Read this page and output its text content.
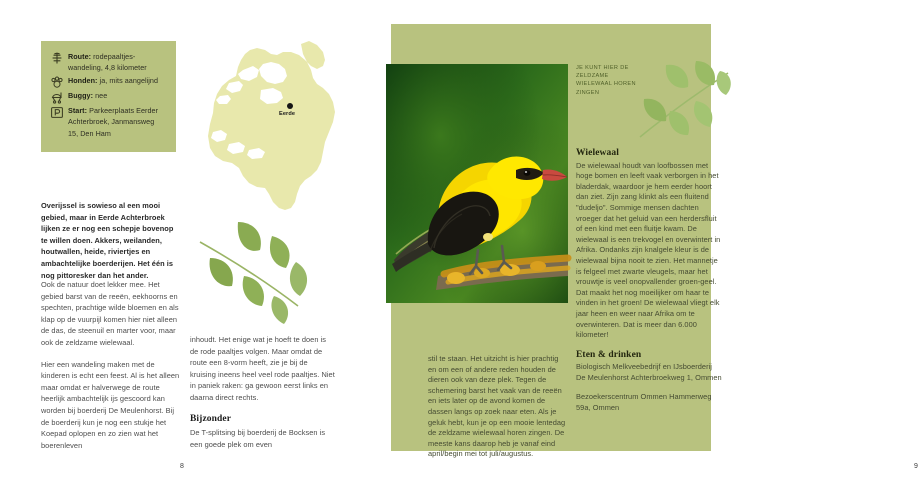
Eerde
Route: rodepaaltjes-wandeling, 4,8 kilometer
Honden: ja, mits aangelijnd
Buggy: nee
Start: Parkeerplaats Eerder Achterbroek, Janmansweg 15, Den Ham
Overijssel is sowieso al een mooi gebied, maar in Eerde Achterbroek lijken ze er nog een schepje bovenop te willen doen. Akkers, weilanden, houtwallen, heide, riviertjes en ambachtelijke boerderijen. Het één is nog pittoresker dan het ander.

Ook de natuur doet lekker mee. Het gebied barst van de reeën, eekhoorns en spechten, prachtige wilde bloemen en als klap op de vuurpijl komen hier niet alleen de das, de steenuil en marter voor, maar ook de zeldzame wielewaal.

Hier een wandeling maken met de kinderen is echt een feest. Al is het alleen maar omdat er halverwege de route heerlijk ambachtelijk ijs gescoord kan worden bij boerderij De Meulenhorst. Bij de boerderij kun je nog een stukje het Koepad oplopen en zo zien wat het boerenleven

inhoudt. Het enige wat je hoeft te doen is de rode paaltjes volgen. Maar omdat de route een 8-vorm heeft, zie je bij de kruising ineens heel veel rode paaltjes. Niet in paniek raken: ga gewoon eerst links en daarna direct rechts.

Bijzonder

De T-splitsing bij boerderij de Bocksen is een goede plek om even

8
JE KUNT HIER DE ZELDZAME WIELEWAAL HOREN ZINGEN
Wielewaal

De wielewaal houdt van loofbossen met hoge bomen en leeft vaak verborgen in het bladerdak, waardoor je hem eerder hoort dan ziet. Zijn zang klinkt als een fluitend "dudeljo". Sommige mensen dachten vroeger dat het geluid van een herdersfluit of een kind met een fluitje kwam. De wielewaal is een trekvogel en overwintert in Afrika. Ondanks zijn knalgele kleur is de wielewaal bijna nooit te zien. Het mannetje is felgeel met zwarte vleugels, maar het vrouwtje is veel onopvallender groen-geel. Dat maakt het nog moeilijker om haar te vinden in het groen! De wielewaal vliegt elk jaar heen en weer naar Afrika om te overwinteren. Dat is meer dan 6.000 kilometer!

Eten & drinken
Biologisch Melkveebedrijf en IJsboerderij De Meulenhorst Achterbroekweg 1, Ommen
Bezoekerscentrum Ommen Hammerweg 59a, Ommen

stil te staan. Het uitzicht is hier prachtig en om een of andere reden houden de dieren ook van deze plek. Tegen de schemering barst het vaak van de reeën en iets later op de avond komen de dassen langs op zoek naar eten. Als je geluk hebt, kun je op een mooie lentedag de zeldzame wielewaal horen zingen. De meeste kans daarop heb je vanaf eind april/begin mei tot juli/augustus.

9
